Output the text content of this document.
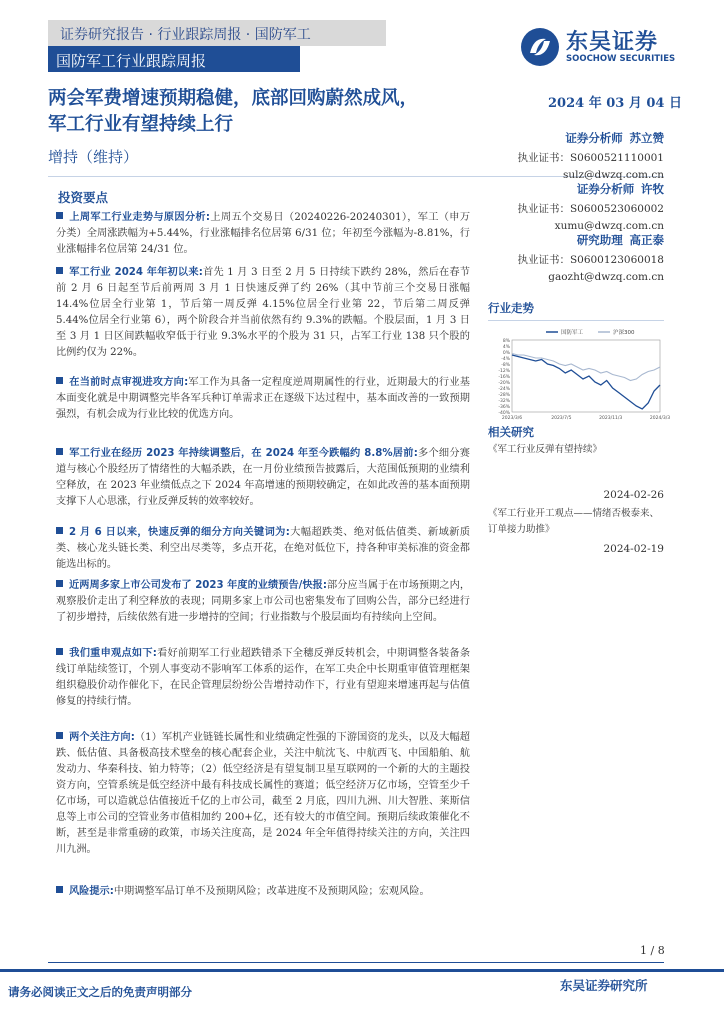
证券研究报告 · 行业跟踪周报 · 国防军工
国防军工行业跟踪周报
东吴证券
SOOCHOW SECURITIES
两会军费增速预期稳健，底部回购蔚然成风，
军工行业有望持续上行
2024 年 03 月 04 日
增持（维持）
投资要点
上周军工行业走势与原因分析:上周五个交易日（20240226-20240301），军工（申万分类）全周涨跌幅为+5.44%，行业涨幅排名位居第 6/31 位；年初至今涨幅为-8.81%，行业涨幅排名位居第 24/31 位。
军工行业 2024 年年初以来:首先 1 月 3 日至 2 月 5 日持续下跌约 28%，然后在春节前 2 月 6 日起至节后前两周 3 月 1 日快速反弹了约 26%（其中节前三个交易日涨幅 14.4%位居全行业第 1，节后第一周反弹 4.15%位居全行业第 22，节后第二周反弹 5.44%位居全行业第 6），两个阶段合并当前依然有约 9.3%的跌幅。个股层面，1 月 3 日至 3 月 1 日区间跌幅收窄低于行业 9.3%水平的个股为 31 只，占军工行业 138 只个股的比例约仅为 22%。
在当前时点审视进攻方向:军工作为具备一定程度逆周期属性的行业，近期最大的行业基本面变化就是中期调整完毕各军兵种订单需求正在逐级下达过程中，基本面改善的一致预期强烈，有机会成为行业比较的优选方向。
军工行业在经历 2023 年持续调整后，在 2024 年至今跌幅约 8.8%居前:多个细分赛道与核心个股经历了情绪性的大幅杀跌，在一月份业绩预告披露后，大范围低预期的业绩利空释放，在 2023 年业绩低点之下 2024 年高增速的预期较确定，在如此改善的基本面预期支撑下人心思涨，行业反弹反转的效率较好。
2 月 6 日以来，快速反弹的细分方向关键词为:大幅超跌类、绝对低估值类、新域新质类、核心龙头链长类、利空出尽类等，多点开花，在绝对低位下，持各种审美标准的资金都能选出标的。
近两周多家上市公司发布了 2023 年度的业绩预告/快报:部分应当属于在市场预期之内，观察股价走出了利空释放的表现；同期多家上市公司也密集发布了回购公告，部分已经进行了初步增持，后续依然有进一步增持的空间；行业指数与个股层面均有持续向上空间。
我们重申观点如下:看好前期军工行业超跌错杀下全穗反弹反转机会，中期调整各装备条线订单陆续签订，个别人事变动不影响军工体系的运作，在军工央企中长期重审值管理框架组织稳股价动作催化下，在民企管理层纷纷公告增持动作下，行业有望迎来增速再起与估值修复的持续行情。
两个关注方向:（1）军机产业链链长属性和业绩确定性强的下游国资的龙头，以及大幅超跌、低估值、具备极高技术壁垒的核心配套企业，关注中航沈飞、中航西飞、中国船舶、航发动力、华秦科技、铂力特等；（2）低空经济是有望复制卫星互联网的一个新的大的主题投资方向，空管系统是低空经济中最有科技成长属性的赛道；低空经济万亿市场，空管至少千亿市场，可以造就总估值接近千亿的上市公司，截至 2 月底，四川九洲、川大智胜、莱斯信息等上市公司的空管业务市值相加约 200+亿，还有较大的市值空间。预期后续政策催化不断，甚至是非常重磅的政策，市场关注度高，是 2024 年全年值得持续关注的方向，关注四川九洲。
风险提示:中期调整军品订单不及预期风险；改革进度不及预期风险；宏观风险。
证券分析师 苏立赞
执业证书：S0600521110001
sulz@dwzq.com.cn
证券分析师 许牧
执业证书：S0600523060002
xumu@dwzq.com.cn
研究助理 高正泰
执业证书：S0600123060018
gaozht@dwzq.com.cn
行业走势
8%
4%
0%
-4%
-8%
-12%
-16%
-20%
-24%
-28%
-32%
-36%
-40%
2023/3/6	2023/7/5	2023/11/3	2024/3/3
国防军工	沪深300
相关研究
《军工行业反弹有望持续》
2024-02-26
《军工行业开工观点——情绪否极泰来、订单接力助推》
2024-02-19
1 / 8
请务必阅读正文之后的免责声明部分	东吴证券研究所
